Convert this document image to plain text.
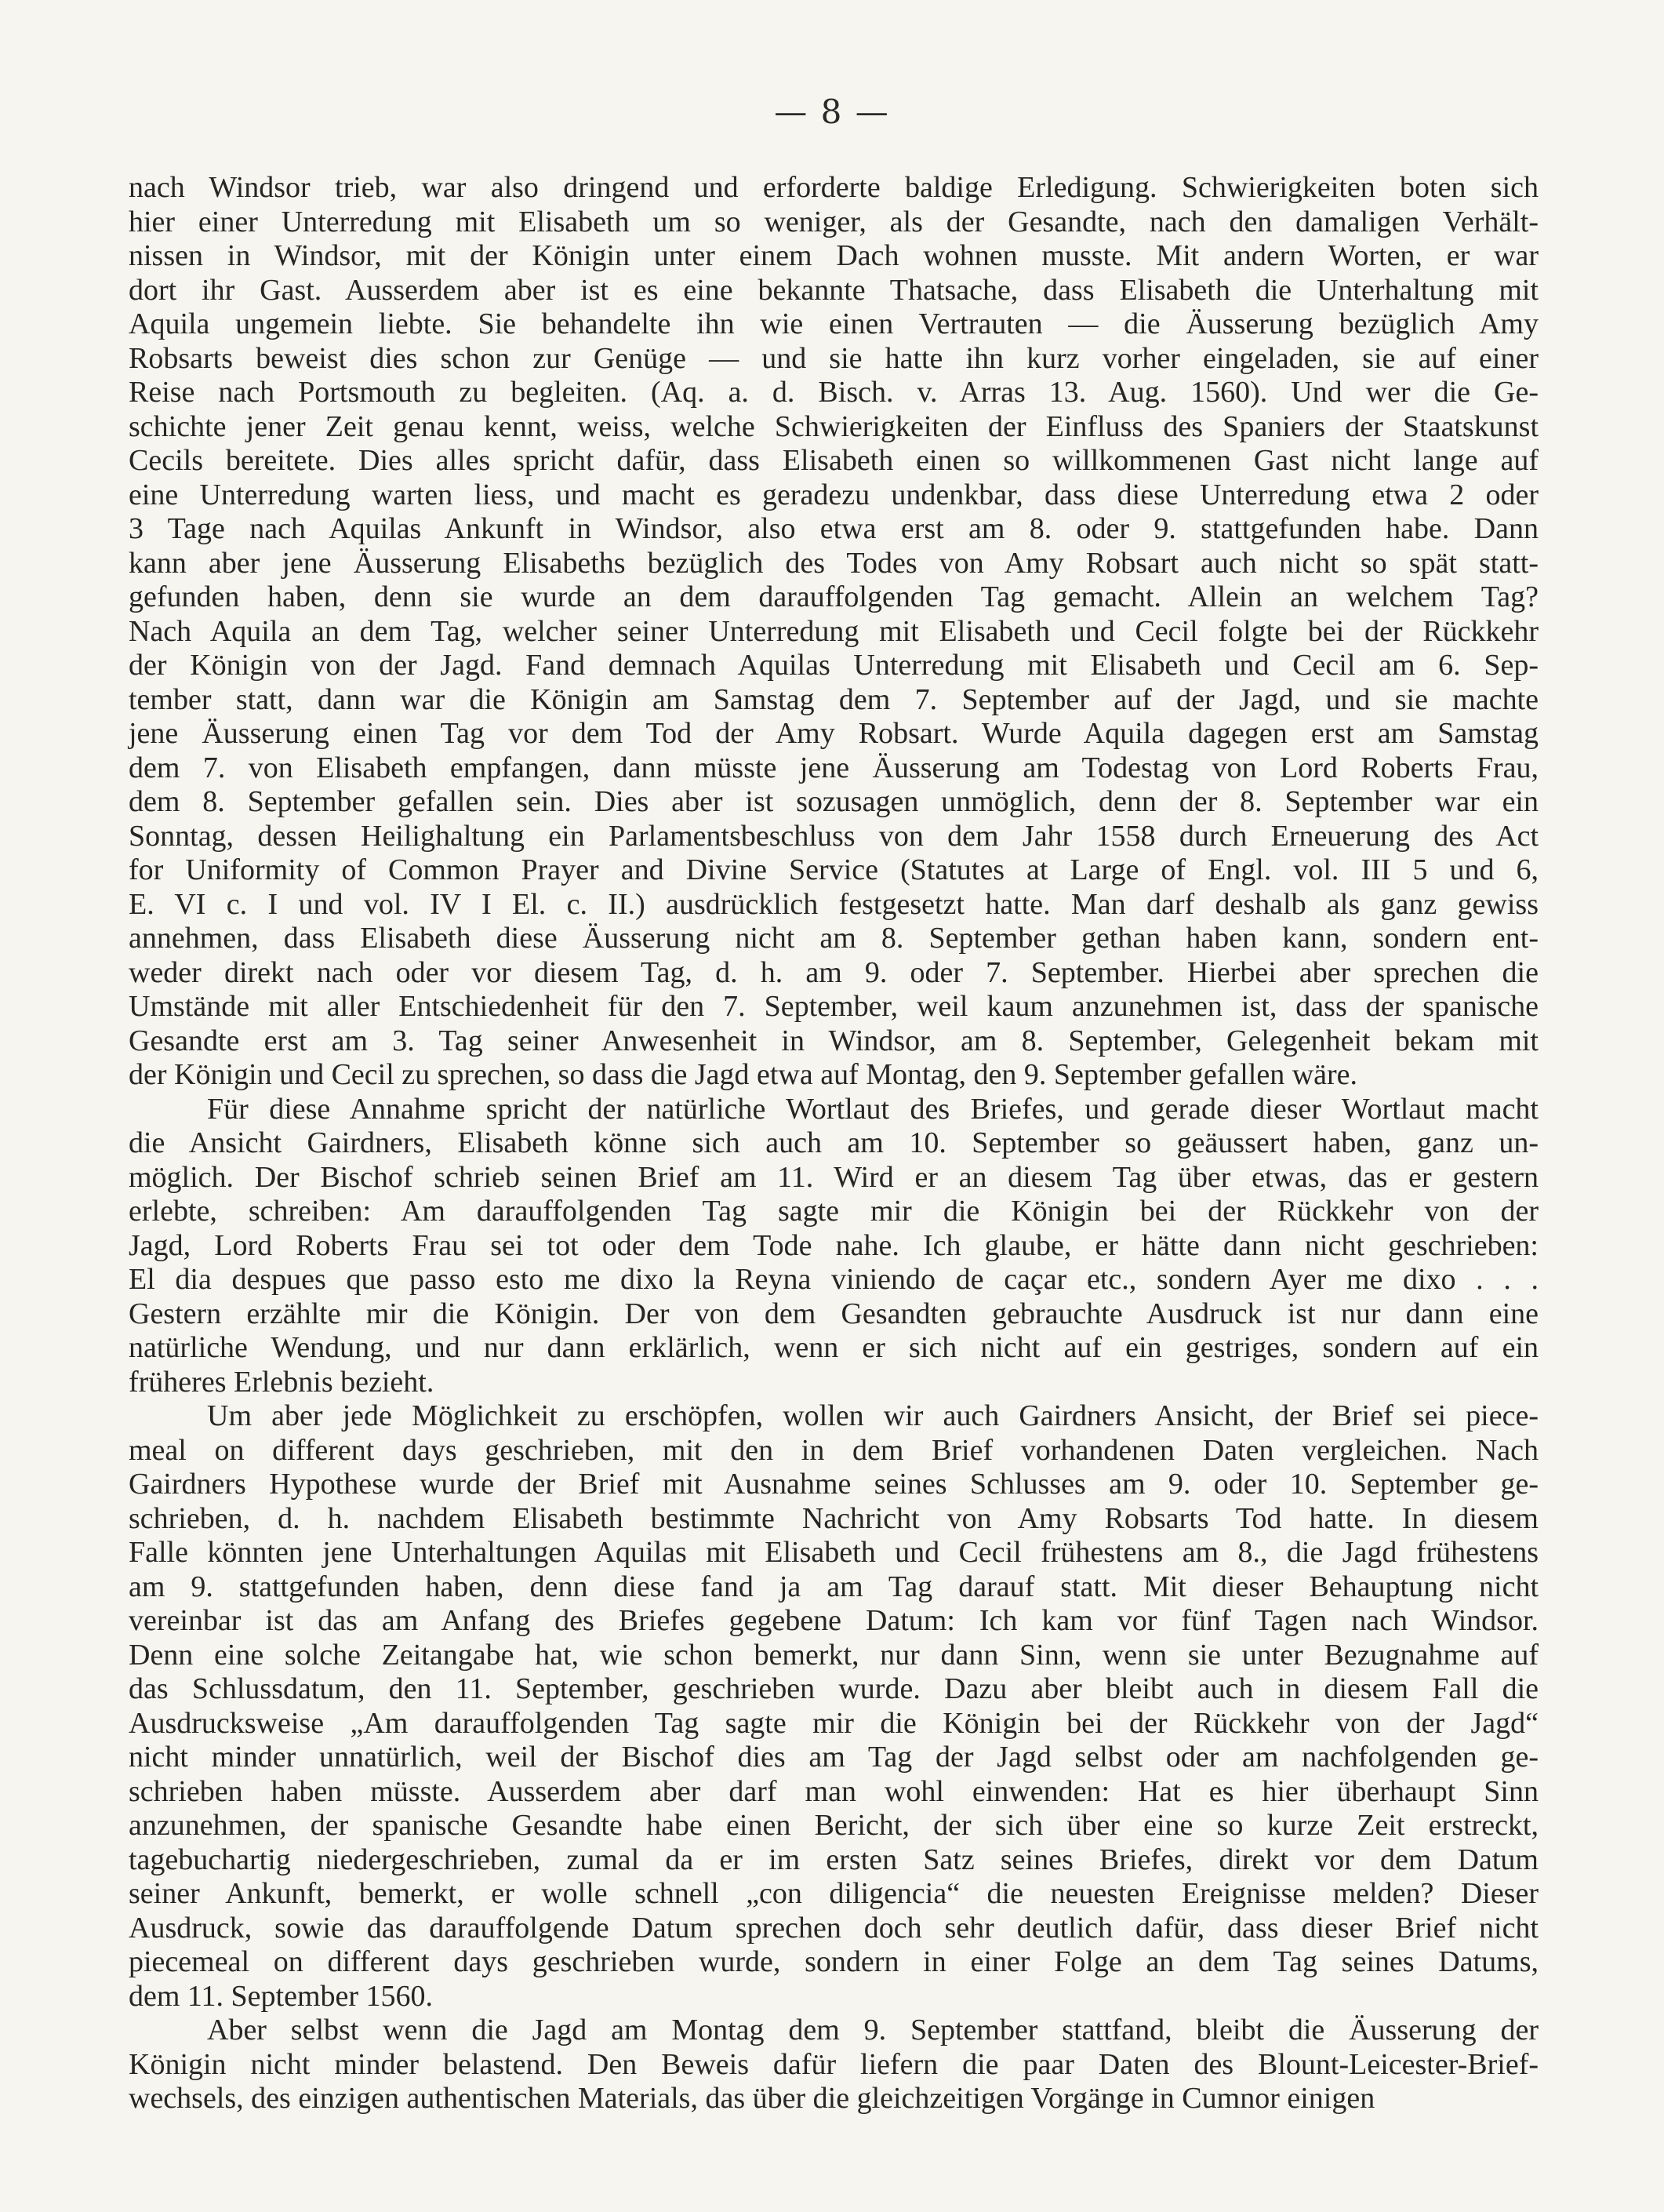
— 8 —
nach Windsor trieb, war also dringend und erforderte baldige Erledigung. Schwierigkeiten boten sich
hier einer Unterredung mit Elisabeth um so weniger, als der Gesandte, nach den damaligen Verhält-
nissen in Windsor, mit der Königin unter einem Dach wohnen musste. Mit andern Worten, er war
dort ihr Gast. Ausserdem aber ist es eine bekannte Thatsache, dass Elisabeth die Unterhaltung mit
Aquila ungemein liebte. Sie behandelte ihn wie einen Vertrauten — die Äusserung bezüglich Amy
Robsarts beweist dies schon zur Genüge — und sie hatte ihn kurz vorher eingeladen, sie auf einer
Reise nach Portsmouth zu begleiten. (Aq. a. d. Bisch. v. Arras 13. Aug. 1560). Und wer die Ge-
schichte jener Zeit genau kennt, weiss, welche Schwierigkeiten der Einfluss des Spaniers der Staatskunst
Cecils bereitete. Dies alles spricht dafür, dass Elisabeth einen so willkommenen Gast nicht lange auf
eine Unterredung warten liess, und macht es geradezu undenkbar, dass diese Unterredung etwa 2 oder
3 Tage nach Aquilas Ankunft in Windsor, also etwa erst am 8. oder 9. stattgefunden habe. Dann
kann aber jene Äusserung Elisabeths bezüglich des Todes von Amy Robsart auch nicht so spät statt-
gefunden haben, denn sie wurde an dem darauffolgenden Tag gemacht. Allein an welchem Tag?
Nach Aquila an dem Tag, welcher seiner Unterredung mit Elisabeth und Cecil folgte bei der Rückkehr
der Königin von der Jagd. Fand demnach Aquilas Unterredung mit Elisabeth und Cecil am 6. Sep-
tember statt, dann war die Königin am Samstag dem 7. September auf der Jagd, und sie machte
jene Äusserung einen Tag vor dem Tod der Amy Robsart. Wurde Aquila dagegen erst am Samstag
dem 7. von Elisabeth empfangen, dann müsste jene Äusserung am Todestag von Lord Roberts Frau,
dem 8. September gefallen sein. Dies aber ist sozusagen unmöglich, denn der 8. September war ein
Sonntag, dessen Heilighaltung ein Parlamentsbeschluss von dem Jahr 1558 durch Erneuerung des Act
for Uniformity of Common Prayer and Divine Service (Statutes at Large of Engl. vol. III 5 und 6,
E. VI c. I und vol. IV I El. c. II.) ausdrücklich festgesetzt hatte. Man darf deshalb als ganz gewiss
annehmen, dass Elisabeth diese Äusserung nicht am 8. September gethan haben kann, sondern ent-
weder direkt nach oder vor diesem Tag, d. h. am 9. oder 7. September. Hierbei aber sprechen die
Umstände mit aller Entschiedenheit für den 7. September, weil kaum anzunehmen ist, dass der spanische
Gesandte erst am 3. Tag seiner Anwesenheit in Windsor, am 8. September, Gelegenheit bekam mit
der Königin und Cecil zu sprechen, so dass die Jagd etwa auf Montag, den 9. September gefallen wäre.
Für diese Annahme spricht der natürliche Wortlaut des Briefes, und gerade dieser Wortlaut macht
die Ansicht Gairdners, Elisabeth könne sich auch am 10. September so geäussert haben, ganz un-
möglich. Der Bischof schrieb seinen Brief am 11. Wird er an diesem Tag über etwas, das er gestern
erlebte, schreiben: Am darauffolgenden Tag sagte mir die Königin bei der Rückkehr von der
Jagd, Lord Roberts Frau sei tot oder dem Tode nahe. Ich glaube, er hätte dann nicht geschrieben:
El dia despues que passo esto me dixo la Reyna viniendo de caçar etc., sondern Ayer me dixo . . .
Gestern erzählte mir die Königin. Der von dem Gesandten gebrauchte Ausdruck ist nur dann eine
natürliche Wendung, und nur dann erklärlich, wenn er sich nicht auf ein gestriges, sondern auf ein
früheres Erlebnis bezieht.
Um aber jede Möglichkeit zu erschöpfen, wollen wir auch Gairdners Ansicht, der Brief sei piece-
meal on different days geschrieben, mit den in dem Brief vorhandenen Daten vergleichen. Nach
Gairdners Hypothese wurde der Brief mit Ausnahme seines Schlusses am 9. oder 10. September ge-
schrieben, d. h. nachdem Elisabeth bestimmte Nachricht von Amy Robsarts Tod hatte. In diesem
Falle könnten jene Unterhaltungen Aquilas mit Elisabeth und Cecil frühestens am 8., die Jagd frühestens
am 9. stattgefunden haben, denn diese fand ja am Tag darauf statt. Mit dieser Behauptung nicht
vereinbar ist das am Anfang des Briefes gegebene Datum: Ich kam vor fünf Tagen nach Windsor.
Denn eine solche Zeitangabe hat, wie schon bemerkt, nur dann Sinn, wenn sie unter Bezugnahme auf
das Schlussdatum, den 11. September, geschrieben wurde. Dazu aber bleibt auch in diesem Fall die
Ausdrucksweise „Am darauffolgenden Tag sagte mir die Königin bei der Rückkehr von der Jagd“
nicht minder unnatürlich, weil der Bischof dies am Tag der Jagd selbst oder am nachfolgenden ge-
schrieben haben müsste. Ausserdem aber darf man wohl einwenden: Hat es hier überhaupt Sinn
anzunehmen, der spanische Gesandte habe einen Bericht, der sich über eine so kurze Zeit erstreckt,
tagebuchartig niedergeschrieben, zumal da er im ersten Satz seines Briefes, direkt vor dem Datum
seiner Ankunft, bemerkt, er wolle schnell „con diligencia“ die neuesten Ereignisse melden? Dieser
Ausdruck, sowie das darauffolgende Datum sprechen doch sehr deutlich dafür, dass dieser Brief nicht
piecemeal on different days geschrieben wurde, sondern in einer Folge an dem Tag seines Datums,
dem 11. September 1560.
Aber selbst wenn die Jagd am Montag dem 9. September stattfand, bleibt die Äusserung der
Königin nicht minder belastend. Den Beweis dafür liefern die paar Daten des Blount-Leicester-Brief-
wechsels, des einzigen authentischen Materials, das über die gleichzeitigen Vorgänge in Cumnor einigen
